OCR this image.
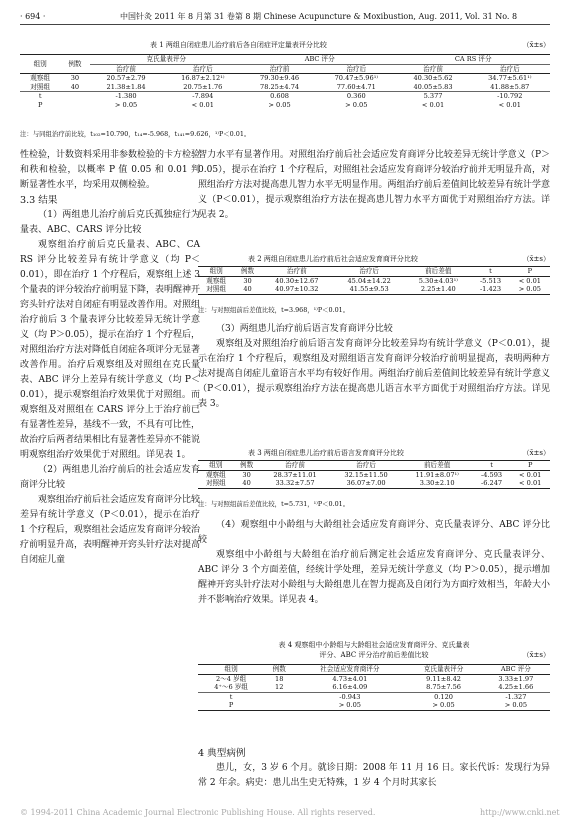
· 694 ·	中国针灸 2011 年 8 月第 31 卷第 8 期 Chinese Acupuncture & Moxibustion, Aug. 2011, Vol. 31 No. 8
表 1 两组自闭症患儿治疗前后各自闭症评定量表评分比较	（x̄±s）
组别	例数	克氏量表评分		ABC 评分		CA RS 评分	
		治疗前	治疗后	治疗前	治疗后	治疗前	治疗后
观察组	30	20.57±2.79	16.87±2.12¹⁾	79.30±9.46	70.47±5.96¹⁾	40.30±5.62	34.77±5.61¹⁾
对照组	40	21.38±1.84	20.75±1.76	78.25±4.74	77.60±4.71	40.05±5.83	41.88±5.87
t		-1.380	-7.894	0.608	0.360	5.377	-10.792
P		> 0.05	< 0.01	> 0.05	> 0.05	< 0.01	< 0.01
注：与同组治疗前比较，t₁₀₂=10.790，t₁₄=-5.968，t₁₄₁=9.626，¹⁾P＜0.01。

性检验，计数资料采用非参数检验的卡方检验和秩和检验，以概率 P 值 0.05 和 0.01 判断显著性水平，均采用双侧检验。

3.3 结果

（1）两组患儿治疗前后克氏孤独症行为量表、ABC、CARS 评分比较

观察组治疗前后克氏量表、ABC、CA RS 评分比较差异有统计学意义（均 P＜0.01），即在治疗 1 个疗程后，观察组上述 3 个量表的评分较治疗前明显下降，表明醒神开窍头针疗法对自闭症有明显改善作用。对照组治疗前后 3 个量表评分比较差异无统计学意义（均 P＞0.05），提示在治疗 1 个疗程后，对照组治疗方法对降低自闭症各项评分无显著改善作用。治疗后观察组及对照组在克氏量表、ABC 评分上差异有统计学意义（均 P＜0.01），提示观察组治疗效果优于对照组。而观察组及对照组在 CARS 评分上于治疗前已有显著性差异，基线不一致，不具有可比性，故治疗后两者结果相比有显著性差异亦不能说明观察组治疗效果优于对照组。详见表 1。

（2）两组患儿治疗前后的社会适应发育商评分比较

观察组治疗前后社会适应发育商评分比较差异有统计学意义（P＜0.01），提示在治疗 1 个疗程后，观察组社会适应发育商评分较治疗前明显升高，表明醒神开窍头针疗法对提高自闭症儿童

智力水平有显著作用。对照组治疗前后社会适应发育商评分比较差异无统计学意义（P＞0.05），提示在治疗 1 个疗程后，对照组社会适应发育商评分较治疗前并无明显升高，对照组治疗方法对提高患儿智力水平无明显作用。两组治疗前后差值间比较差异有统计学意义（P＜0.01），提示观察组治疗方法在提高患儿智力水平方面优于对照组治疗方法。详见表 2。

表 2 两组自闭症患儿治疗前后社会适应发育商评分比较	（x̄±s）
组别	例数	治疗前	治疗后	前后差值	t	P
观察组	30	40.30±12.67	45.04±14.22	5.30±4.03¹⁾	-5.513	< 0.01
对照组	40	40.97±10.32	41.55±9.53	2.25±1.40	-1.423	> 0.05
注：与对照组前后差值比较，t=3.968，¹⁾P＜0.01。

（3）两组患儿治疗前后语言发育商评分比较

观察组及对照组治疗前后语言发育商评分比较差异均有统计学意义（P＜0.01），提示在治疗 1 个疗程后，观察组及对照组语言发育商评分较治疗前明显提高，表明两种方法对提高自闭症儿童语言水平均有较好作用。两组治疗前后差值间比较差异有统计学意义（P＜0.01），提示观察组治疗方法在提高患儿语言水平方面优于对照组治疗方法。详见表 3。

表 3 两组自闭症患儿治疗前后语言发育商评分比较	（x̄±s）
组别	例数	治疗前	治疗后	前后差值	t	P
观察组	30	28.37±11.01	32.15±11.50	11.91±8.07¹⁾	-4.593	< 0.01
对照组	40	33.32±7.57	36.07±7.00	3.30±2.10	-6.247	< 0.01
注：与对照组前后差值比较，t=5.731，¹⁾P＜0.01。

（4）观察组中小龄组与大龄组社会适应发育商评分、克氏量表评分、ABC 评分比较

观察组中小龄组与大龄组在治疗前后测定社会适应发育商评分、克氏量表评分、ABC 评分 3 个方面差值，经统计学处理，差异无统计学意义（均 P＞0.05），提示增加醒神开窍头针疗法对小龄组与大龄组患儿在智力提高及自闭行为方面疗效相当，年龄大小并不影响治疗效果。详见表 4。

表 4 观察组中小龄组与大龄组社会适应发育商评分、克氏量表
评分、ABC 评分治疗前后差值比较	（x̄±s）
组别	例数	社会适应发育商评分	克氏量表评分	ABC 评分
2～4 岁组	18	4.73±4.01	9.11±8.42	3.33±1.97
4⁺～6 岁组	12	6.16±4.09	8.75±7.56	4.25±1.66
t		-0.943	0.120	-1.327
P		> 0.05	> 0.05	> 0.05

4 典型病例

患儿，女，3 岁 6 个月。就诊日期：2008 年 11 月 16 日。家长代诉：发现行为异常 2 年余。病史：患儿出生史无特殊，1 岁 4 个月时其家长

© 1994-2011 China Academic Journal Electronic Publishing House. All rights reserved.	http://www.cnki.net
